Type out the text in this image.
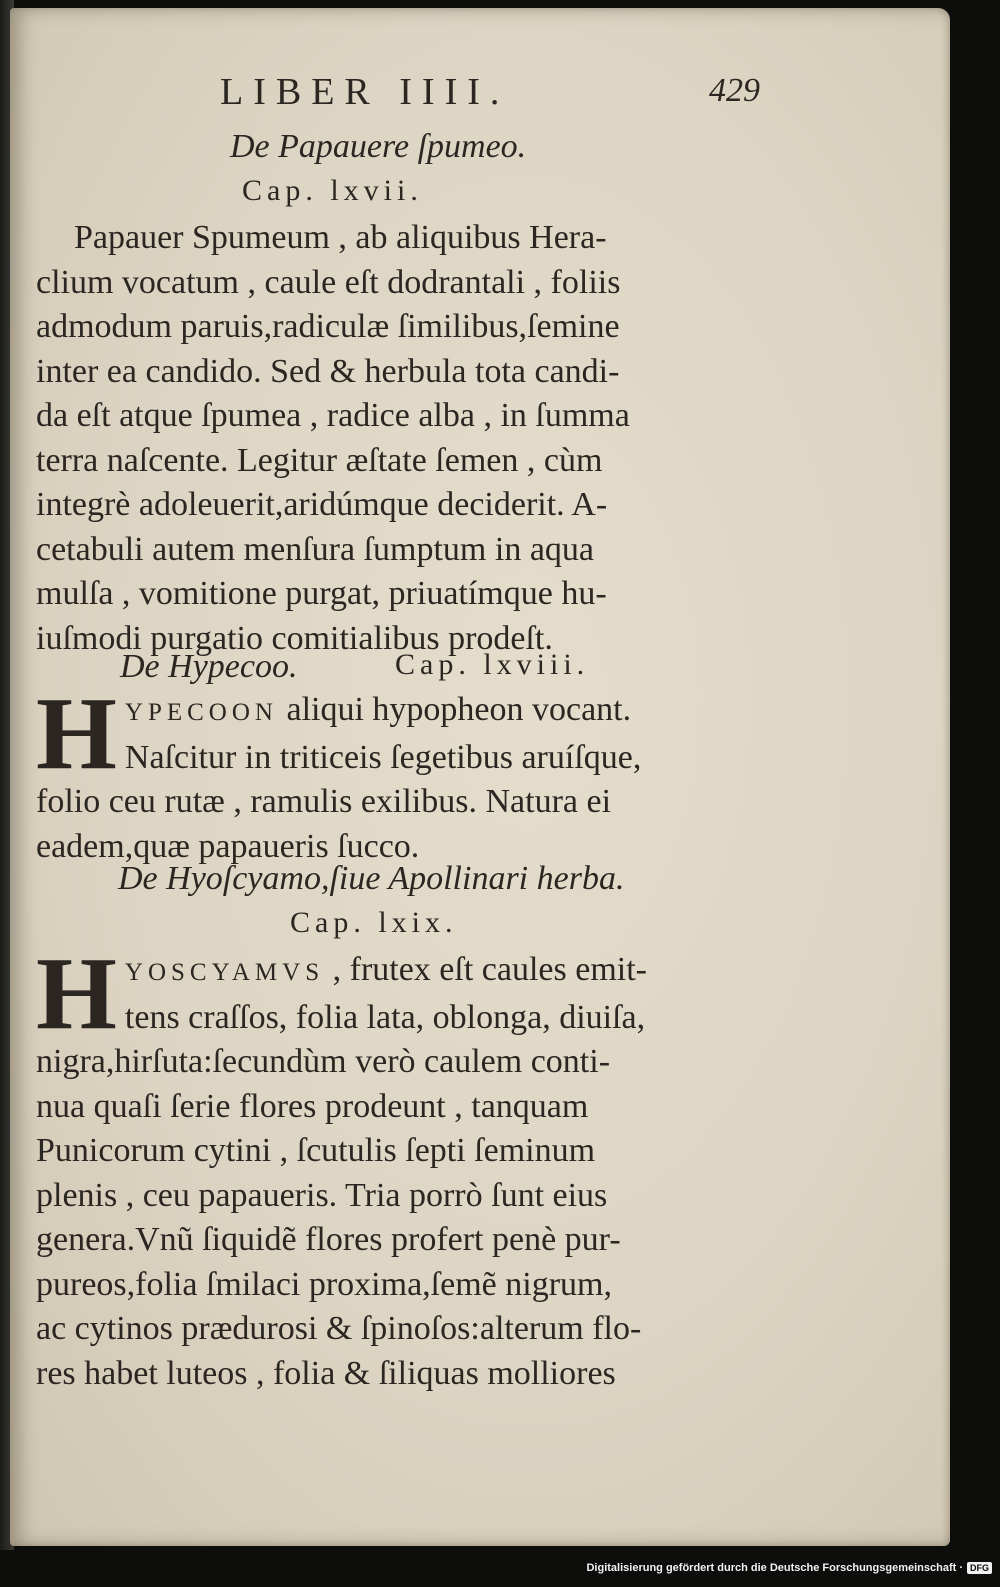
LIBER IIII.	429
De Papauere ſpumeo.
Cap. lxvii.
Papauer Spumeum , ab aliquibus Hera-
clium vocatum , caule eſt dodrantali , foliis
admodum paruis,radiculæ ſimilibus,ſemine
inter ea candido. Sed & herbula tota candi-
da eſt atque ſpumea , radice alba , in ſumma
terra naſcente. Legitur æſtate ſemen , cùm
integrè adoleuerit,aridúmque deciderit. A-
cetabuli autem menſura ſumptum in aqua
mulſa , vomitione purgat, priuatímque hu-
iuſmodi purgatio comitialibus prodeſt.
De Hypecoo.	Cap. lxviii.
H YPECOON aliqui hypopheon vocant.
Naſcitur in triticeis ſegetibus aruíſque,
folio ceu rutæ , ramulis exilibus. Natura ei
eadem,quæ papaueris ſucco.
De Hyoſcyamo,ſiue Apollinari herba.
Cap. lxix.
H YOSCYAMVS , frutex eſt caules emit-
tens craſſos, folia lata, oblonga, diuiſa,
nigra,hirſuta:ſecundùm verò caulem conti-
nua quaſi ſerie flores prodeunt , tanquam
Punicorum cytini , ſcutulis ſepti ſeminum
plenis , ceu papaueris. Tria porrò ſunt eius
genera.Vnũ ſiquidẽ flores profert penè pur-
pureos,folia ſmilaci proxima,ſemẽ nigrum,
ac cytinos prædurosi & ſpinoſos:alterum flo-
res habet luteos , folia & ſiliquas molliores
Digitalisierung gefördert durch die Deutsche Forschungsgemeinschaft · DFG
